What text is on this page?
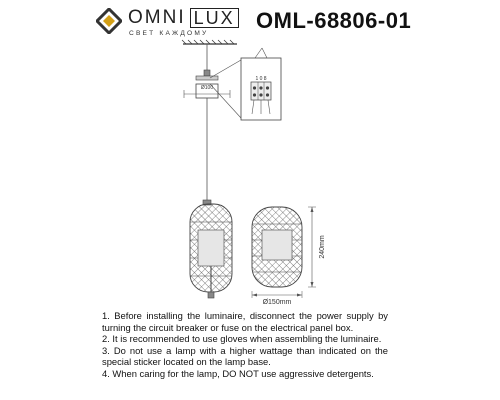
OMNI LUX
СВЕТ КАЖДОМУ
OML-68806-01
Ø100
1 0 8
240mm
Ø150mm

1. Before installing the luminaire, disconnect the power supply by turning the circuit breaker or fuse on the electrical panel box.

2. It is recommended to use gloves when assembling the luminaire.

3. Do not use a lamp with a higher wattage than indicated on the special sticker located on the lamp base.

4. When caring for the lamp, DO NOT use aggressive detergents.
